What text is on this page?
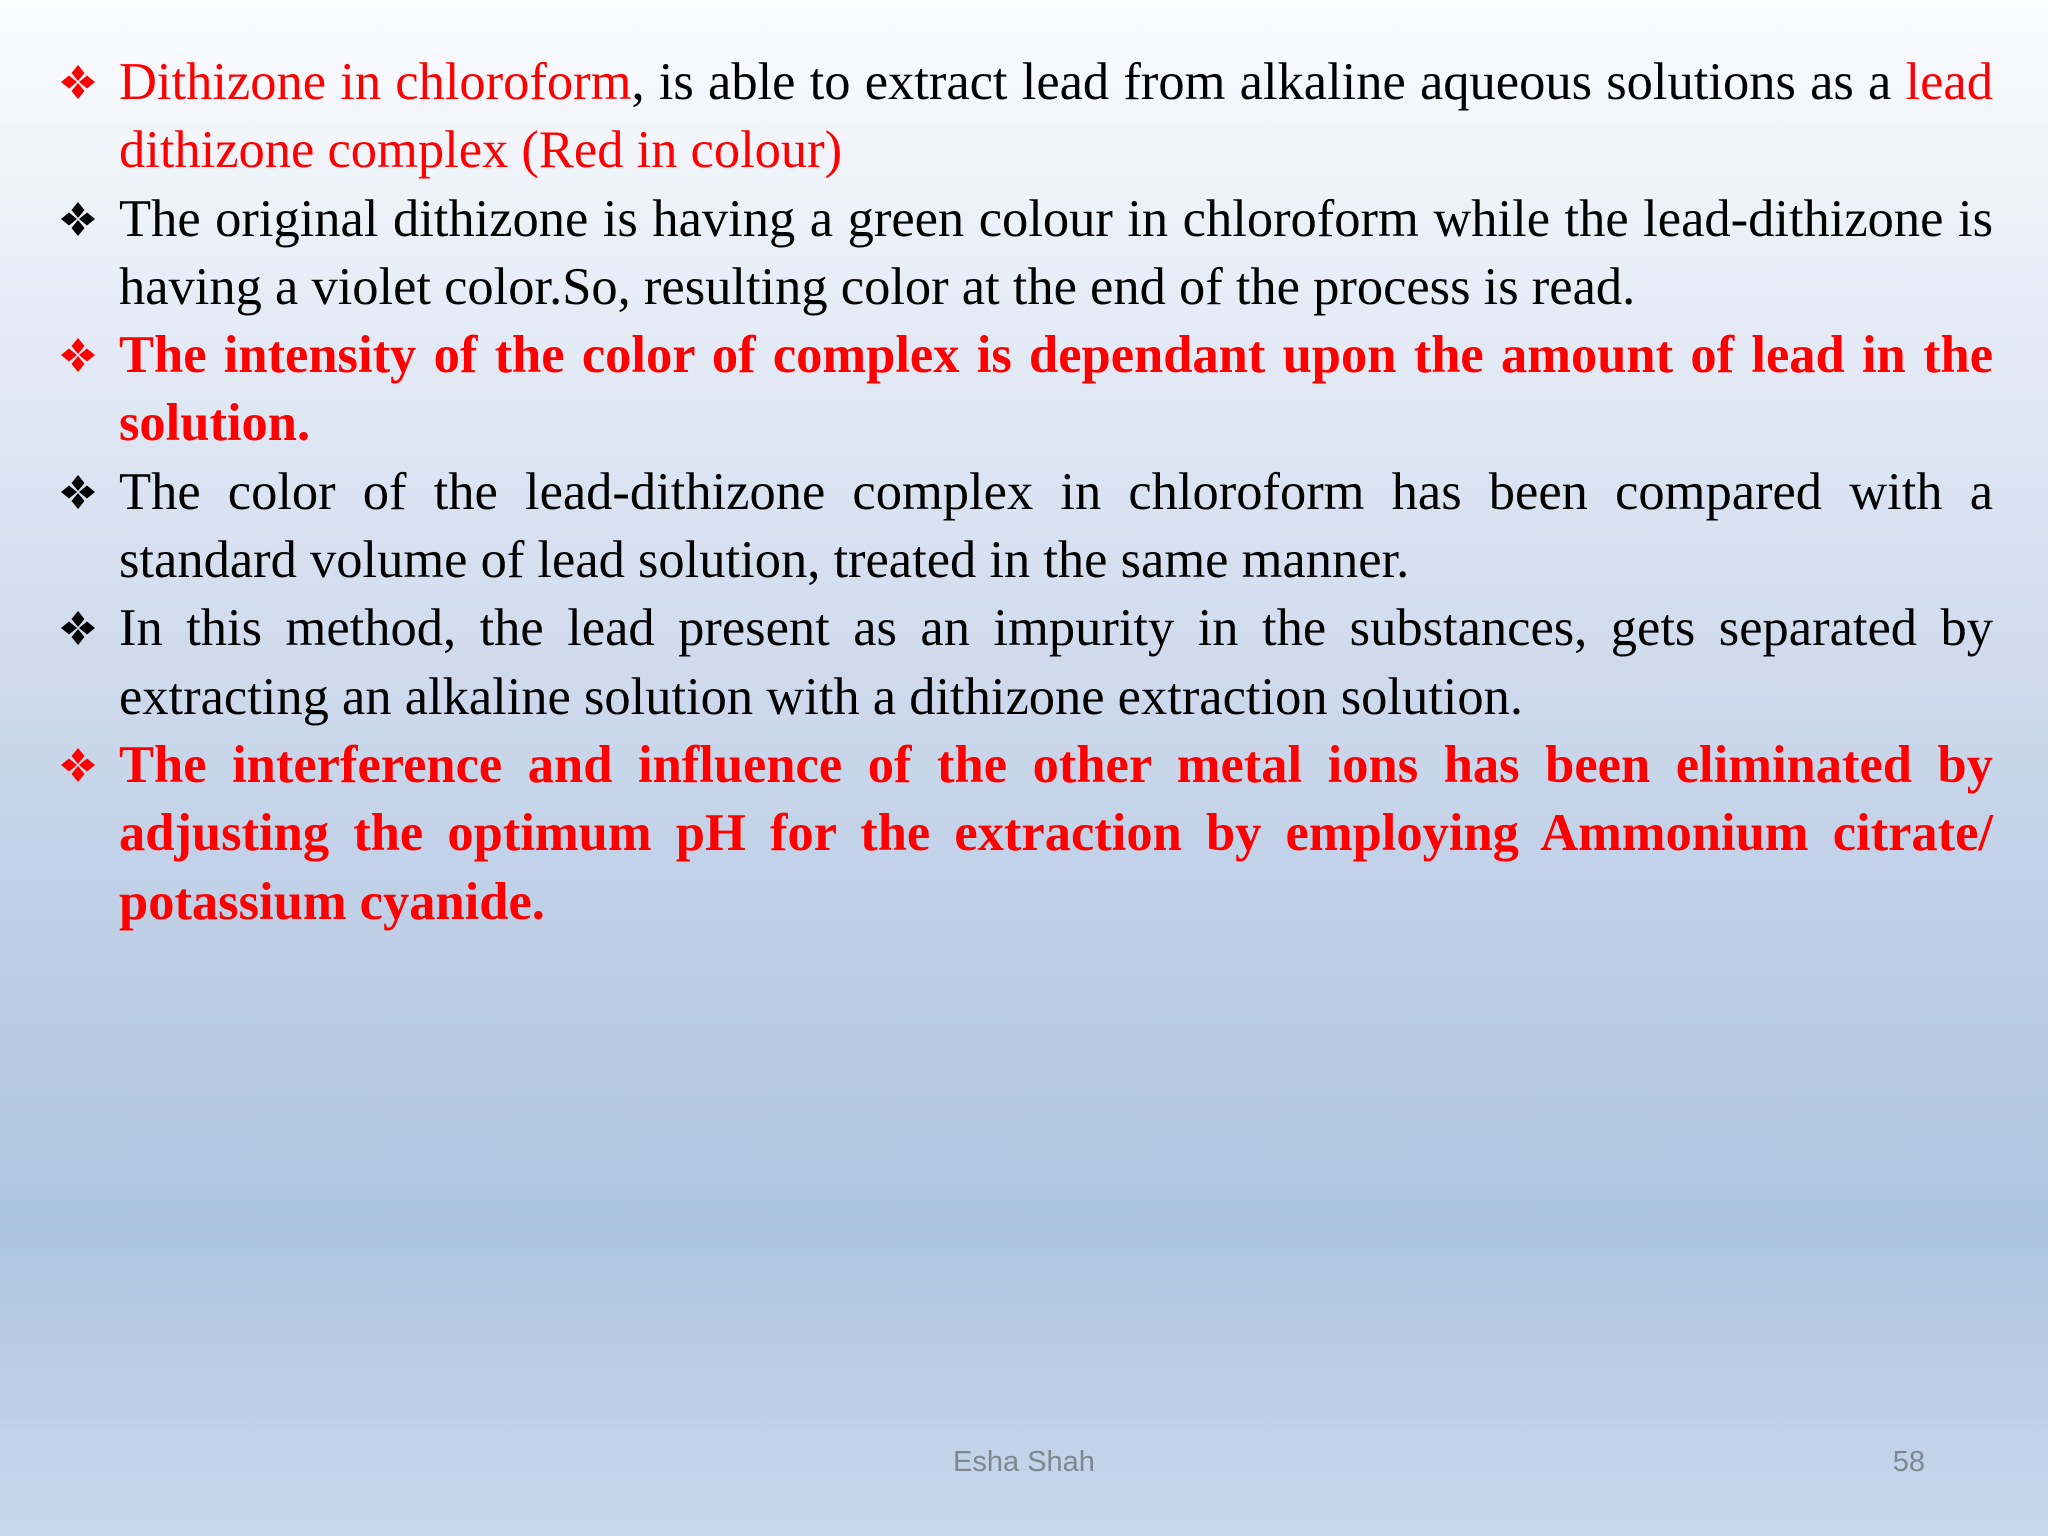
Dithizone in chloroform, is able to extract lead from alkaline aqueous solutions as a lead dithizone complex (Red in colour)
The original dithizone is having a green colour in chloroform while the lead-dithizone is having a violet color.So, resulting color at the end of the process is read.
The intensity of the color of complex is dependant upon the amount of lead in the solution.
The color of the lead-dithizone complex in chloroform has been compared with a standard volume of lead solution, treated in the same manner.
In this method, the lead present as an impurity in the substances, gets separated by extracting an alkaline solution with a dithizone extraction solution.
The interference and influence of the other metal ions has been eliminated by adjusting the optimum pH for the extraction by employing Ammonium citrate/ potassium cyanide.
Esha Shah	58
